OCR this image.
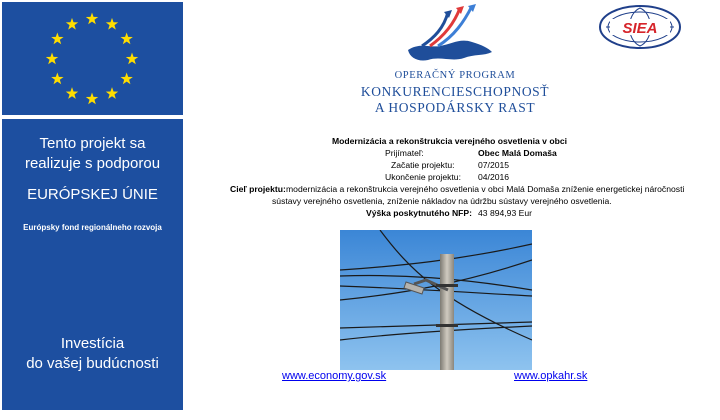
Tento projekt sa
realizuje s podporou
EURÓPSKEJ ÚNIE
Európsky fond regionálneho rozvoja
Investícia
do vašej budúcnosti
SIEA
OPERAČNÝ PROGRAM
KONKURENCIESCHOPNOSŤ
A HOSPODÁRSKY RAST
Modernizácia a rekonštrukcia verejného osvetlenia v obci
Prijímateľ:	Obec Malá Domaša
Začatie projektu:	07/2015
Ukončenie projektu: 04/2016
Cieľ projektu: modernizácia a rekonštrukcia verejného osvetlenia v obci Malá Domaša zníženie energetickej náročnosti
sústavy verejného osvetlenia, zníženie nákladov na údržbu sústavy verejného osvetlenia.
Výška poskytnutého NFP: 43 894,93 Eur
www.economy.gov.sk	www.opkahr.sk
